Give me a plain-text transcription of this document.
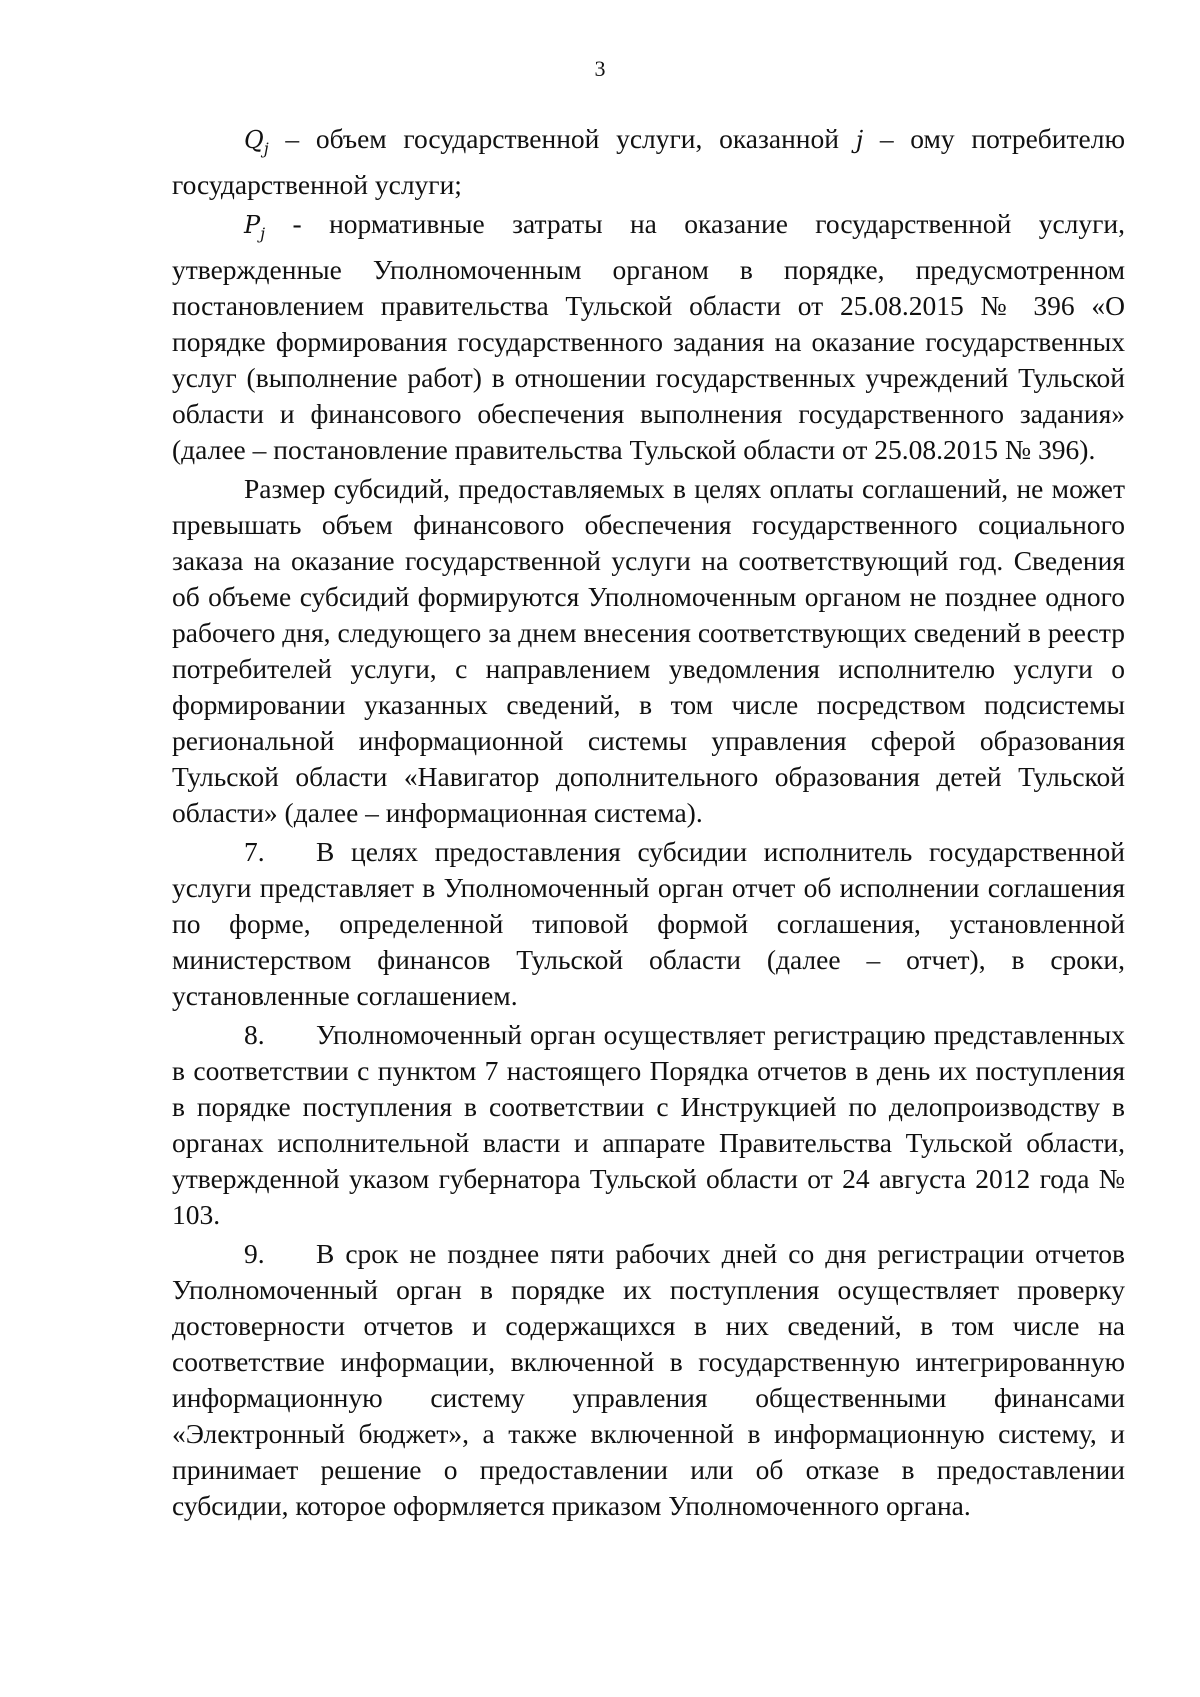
3

$Q_j$ – объем государственной услуги, оказанной j – ому потребителю государственной услуги;

$P_j$ - нормативные затраты на оказание государственной услуги, утвержденные Уполномоченным органом в порядке, предусмотренном постановлением правительства Тульской области от 25.08.2015 № 396 «О порядке формирования государственного задания на оказание государственных услуг (выполнение работ) в отношении государственных учреждений Тульской области и финансового обеспечения выполнения государственного задания» (далее – постановление правительства Тульской области от 25.08.2015 № 396).

Размер субсидий, предоставляемых в целях оплаты соглашений, не может превышать объем финансового обеспечения государственного социального заказа на оказание государственной услуги на соответствующий год. Сведения об объеме субсидий формируются Уполномоченным органом не позднее одного рабочего дня, следующего за днем внесения соответствующих сведений в реестр потребителей услуги, с направлением уведомления исполнителю услуги о формировании указанных сведений, в том числе посредством подсистемы региональной информационной системы управления сферой образования Тульской области «Навигатор дополнительного образования детей Тульской области» (далее – информационная система).

7. В целях предоставления субсидии исполнитель государственной услуги представляет в Уполномоченный орган отчет об исполнении соглашения по форме, определенной типовой формой соглашения, установленной министерством финансов Тульской области (далее – отчет), в сроки, установленные соглашением.

8. Уполномоченный орган осуществляет регистрацию представленных в соответствии с пунктом 7 настоящего Порядка отчетов в день их поступления в порядке поступления в соответствии с Инструкцией по делопроизводству в органах исполнительной власти и аппарате Правительства Тульской области, утвержденной указом губернатора Тульской области от 24 августа 2012 года № 103.

9. В срок не позднее пяти рабочих дней со дня регистрации отчетов Уполномоченный орган в порядке их поступления осуществляет проверку достоверности отчетов и содержащихся в них сведений, в том числе на соответствие информации, включенной в государственную интегрированную информационную систему управления общественными финансами «Электронный бюджет», а также включенной в информационную систему, и принимает решение о предоставлении или об отказе в предоставлении субсидии, которое оформляется приказом Уполномоченного органа.
